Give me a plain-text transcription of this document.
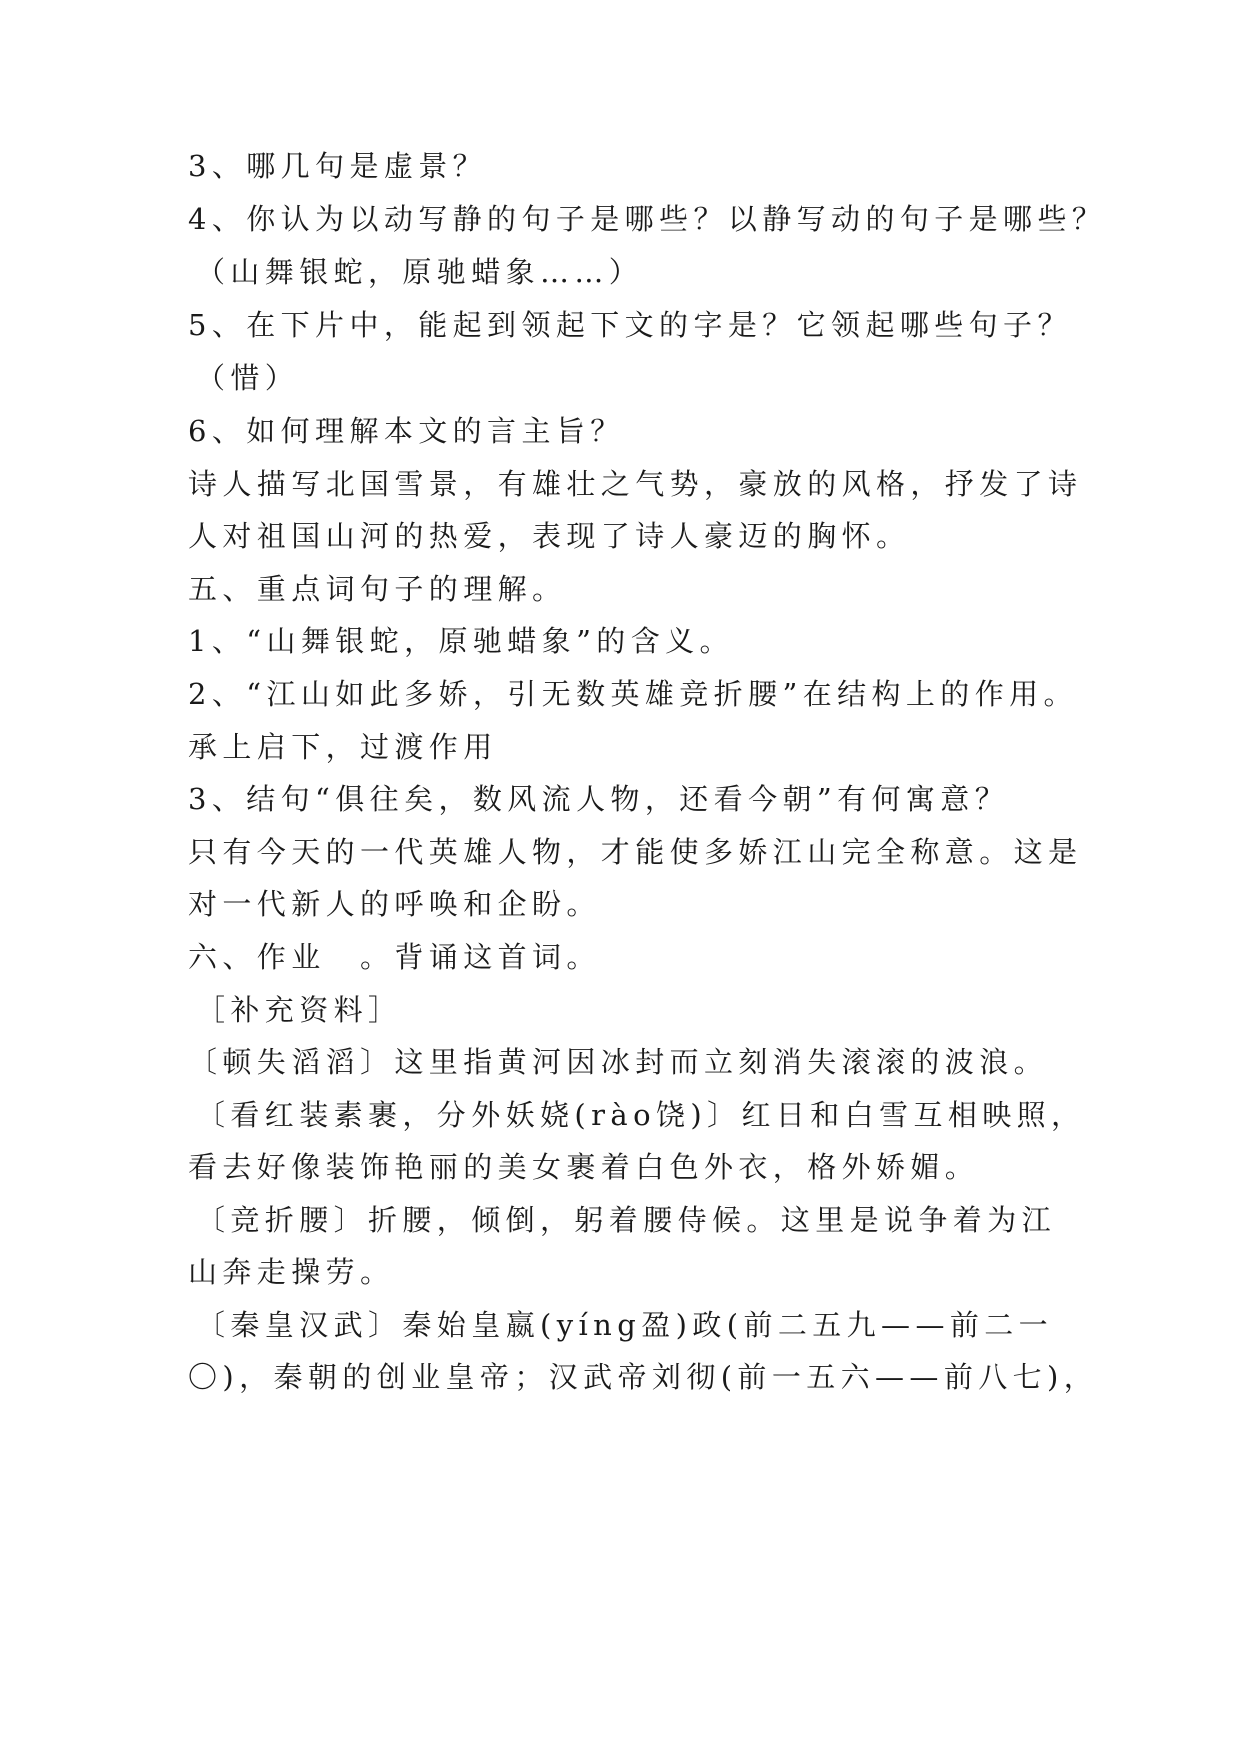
3、哪几句是虚景？
4、你认为以动写静的句子是哪些？以静写动的句子是哪些？
（山舞银蛇，原驰蜡象……）
5、在下片中，能起到领起下文的字是？它领起哪些句子？
（惜）
6、如何理解本文的言主旨？
诗人描写北国雪景，有雄壮之气势，豪放的风格，抒发了诗
人对祖国山河的热爱，表现了诗人豪迈的胸怀。
五、重点词句子的理解。
1、“山舞银蛇，原驰蜡象”的含义。
2、“江山如此多娇，引无数英雄竞折腰”在结构上的作用。
承上启下，过渡作用
3、结句“俱往矣，数风流人物，还看今朝”有何寓意？
只有今天的一代英雄人物，才能使多娇江山完全称意。这是
对一代新人的呼唤和企盼。
六、作业　。背诵这首词。
［补充资料］
〔顿失滔滔〕这里指黄河因冰封而立刻消失滚滚的波浪。
〔看红装素裹，分外妖娆(rào饶)〕红日和白雪互相映照，
看去好像装饰艳丽的美女裹着白色外衣，格外娇媚。
〔竞折腰〕折腰，倾倒，躬着腰侍候。这里是说争着为江
山奔走操劳。
〔秦皇汉武〕秦始皇嬴(yíng盈)政(前二五九——前二一
〇)，秦朝的创业皇帝；汉武帝刘彻(前一五六——前八七)，
